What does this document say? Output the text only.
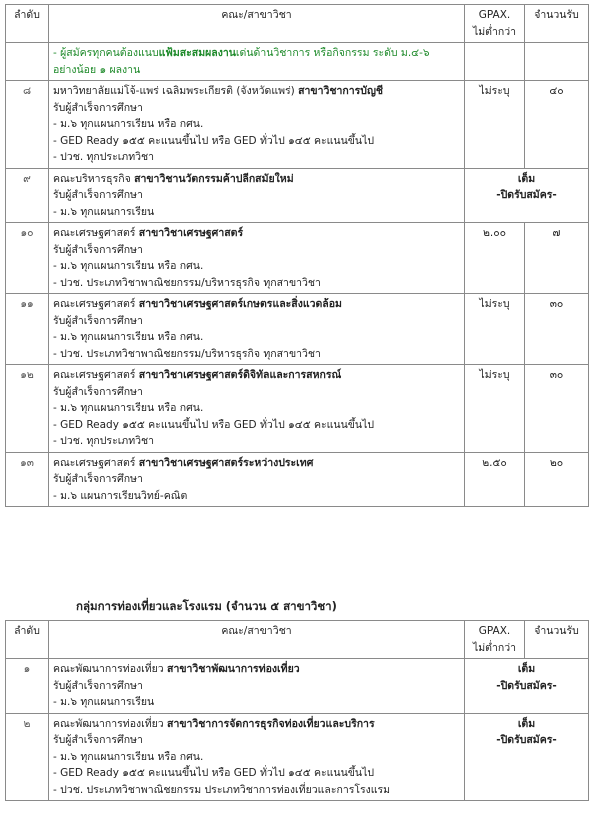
ลำดับ	คณะ/สาขาวิชา	GPAX.
ไม่ต่ำกว่า	จำนวนรับ
	- ผู้สมัครทุกคนต้องแนบแฟ้มสะสมผลงานเด่นด้านวิชาการ หรือกิจกรรม ระดับ ม.๔-๖
อย่างน้อย ๑ ผลงาน		

๘	มหาวิทยาลัยแม่โจ้-แพร่ เฉลิมพระเกียรติ (จังหวัดแพร่) สาขาวิชาการบัญชี
รับผู้สำเร็จการศึกษา
- ม.๖ ทุกแผนการเรียน หรือ กศน.
- GED Ready ๑๕๕ คะแนนขึ้นไป หรือ GED ทั่วไป ๑๔๕ คะแนนขึ้นไป
- ปวช. ทุกประเภทวิชา	ไม่ระบุ	๔๐
๙	คณะบริหารธุรกิจ สาขาวิชานวัตกรรมค้าปลีกสมัยใหม่
รับผู้สำเร็จการศึกษา
- ม.๖ ทุกแผนการเรียน	เต็ม
-ปิดรับสมัคร-	

๑๐	คณะเศรษฐศาสตร์ สาขาวิชาเศรษฐศาสตร์
รับผู้สำเร็จการศึกษา
- ม.๖ ทุกแผนการเรียน หรือ กศน.
- ปวช. ประเภทวิชาพาณิชยกรรม/บริหารธุรกิจ ทุกสาขาวิชา	๒.๐๐	๗
๑๑	คณะเศรษฐศาสตร์ สาขาวิชาเศรษฐศาสตร์เกษตรและสิ่งแวดล้อม
รับผู้สำเร็จการศึกษา
- ม.๖ ทุกแผนการเรียน หรือ กศน.
- ปวช. ประเภทวิชาพาณิชยกรรม/บริหารธุรกิจ ทุกสาขาวิชา	ไม่ระบุ	๓๐
๑๒	คณะเศรษฐศาสตร์ สาขาวิชาเศรษฐศาสตร์ดิจิทัลและการสหกรณ์
รับผู้สำเร็จการศึกษา
- ม.๖ ทุกแผนการเรียน หรือ กศน.
- GED Ready ๑๕๕ คะแนนขึ้นไป หรือ GED ทั่วไป ๑๔๕ คะแนนขึ้นไป
- ปวช. ทุกประเภทวิชา	ไม่ระบุ	๓๐
๑๓	คณะเศรษฐศาสตร์ สาขาวิชาเศรษฐศาสตร์ระหว่างประเทศ
รับผู้สำเร็จการศึกษา
- ม.๖ แผนการเรียนวิทย์-คณิต	๒.๕๐	๒๐
กลุ่มการท่องเที่ยวและโรงแรม (จำนวน ๕ สาขาวิชา)
ลำดับ	คณะ/สาขาวิชา	GPAX.
ไม่ต่ำกว่า	จำนวนรับ
๑	คณะพัฒนาการท่องเที่ยว สาขาวิชาพัฒนาการท่องเที่ยว
รับผู้สำเร็จการศึกษา
- ม.๖ ทุกแผนการเรียน	เต็ม
-ปิดรับสมัคร-	

๒	คณะพัฒนาการท่องเที่ยว สาขาวิชาการจัดการธุรกิจท่องเที่ยวและบริการ
รับผู้สำเร็จการศึกษา
- ม.๖ ทุกแผนการเรียน หรือ กศน.
- GED Ready ๑๕๕ คะแนนขึ้นไป หรือ GED ทั่วไป ๑๔๕ คะแนนขึ้นไป
- ปวช. ประเภทวิชาพาณิชยกรรม ประเภทวิชาการท่องเที่ยวและการโรงแรม	เต็ม
-ปิดรับสมัคร-	
